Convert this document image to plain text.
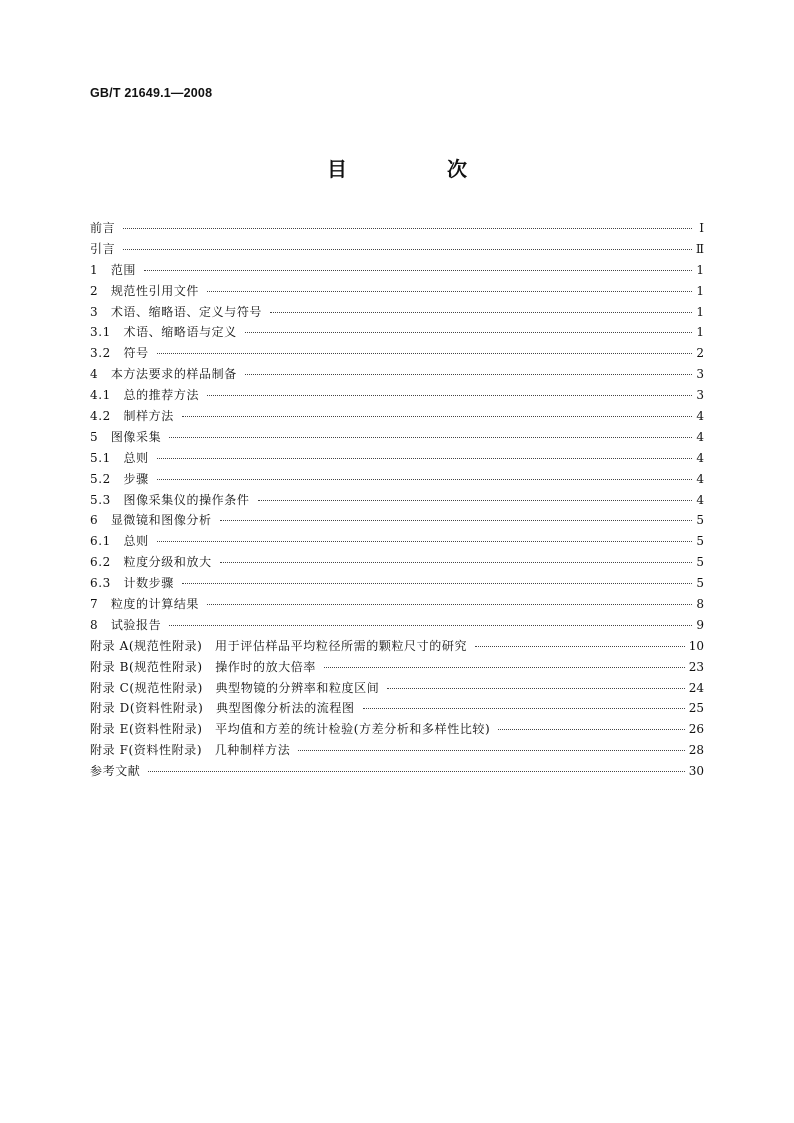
GB/T 21649.1—2008
目　次
前言	I
引言	Ⅱ
1　范围	1
2　规范性引用文件	1
3　术语、缩略语、定义与符号	1
3.1　术语、缩略语与定义	1
3.2　符号	2
4　本方法要求的样品制备	3
4.1　总的推荐方法	3
4.2　制样方法	4
5　图像采集	4
5.1　总则	4
5.2　步骤	4
5.3　图像采集仪的操作条件	4
6　显微镜和图像分析	5
6.1　总则	5
6.2　粒度分级和放大	5
6.3　计数步骤	5
7　粒度的计算结果	8
8　试验报告	9
附录 A(规范性附录)　用于评估样品平均粒径所需的颗粒尺寸的研究	10
附录 B(规范性附录)　操作时的放大倍率	23
附录 C(规范性附录)　典型物镜的分辨率和粒度区间	24
附录 D(资料性附录)　典型图像分析法的流程图	25
附录 E(资料性附录)　平均值和方差的统计检验(方差分析和多样性比较)	26
附录 F(资料性附录)　几种制样方法	28
参考文献	30
